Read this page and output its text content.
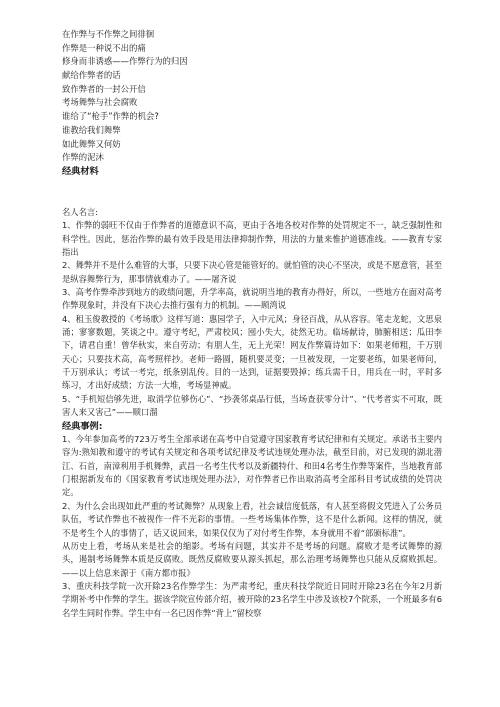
在作弊与不作弊之间徘徊
作弊是一种说不出的痛
修身而非诱惑——作弊行为的归因
献给作弊者的话
致作弊者的一封公开信
考场舞弊与社会腐败
谁给了“枪手”作弊的机会?
谁教给我们舞弊
如此舞弊又何妨
作弊的泥沐
经典材料

名人名言:

1、作弊的弱旺不仅由于作弊者的道德意识不高，更由于各地各校对作弊的处罚规定不一，缺乏强制性和科学性。因此，惩治作弊的最有效手段是用法律抑制作弊，用法的力量来惟护道德准线。——教育专家指出

2、舞弊并不是什么难管的大事，只要下决心管是能管好的。就怕管的决心不坚决，或是不愿意管，甚至是纵容舞弊行为，那事情就难办了。——屠齐说

3、高考作弊牵涉到地方的政绩问题，升学率高，就说明当地的教育办得好，所以，一些地方在面对高考作弊现象时，并没有下决心去推行强有力的机制。——顾湾说

4、租玉俊教授的《考场歌》这样写道：惠园学子，入中元风；身径百战，从从容容。笔走龙蛇，文思泉涌；寥寥数题，笑谈之中。遵守考纪，严肃校风；囤小失大，徒然无功。临场献诗，肺腑相送；瓜田李下，请君自重！曾华秋实，来自劳动；有朋人生，无上光荣！网友作弊篇诗如下：如果老师粗，千万别天心；只要技术高，高考照样抄。老师一路圆，随机要灵变；一旦被发现，一定要老练，如果老师问，千万别承认；考试一考完，纸条别乱传。目的一达到，证据要毁掉；练兵需千日，用兵在一时，平时多练习，才出好成绩；方法一大堆，考场显神威。

5、“手机短信够先进，取消学位够伤心”、“抄袭邻桌品行低，当场查获零分计”、“代考者实不可取，既害人来又害己”——顺口溜

经典事例:

1、今年参加高考的723万考生全部承诺在高考中自觉遵守国家教育考试纪律和有关规定。承诺书主要内容为:熟知教和遵守的考试有关规定和各项考试纪律及考试违规处理办法，截至目前，对已发现的湖北潜江、石首，南漳利用手机舞弊，武昌一名考生代考以及新疆特什、和田4名考生作弊等案件，当地教育部门根据新发布的《国家教育考试违规处理办法》，对作弊者已作出取消高考全部科目考试成绩的处罚决定。

2、为什么会出现如此严重的考试舞弊？从现象上看，社会诚信度低落，有人甚至将假文凭进入了公务员队伍，考试作弊也不被视作一件不光彩的事情。一些考场集体作弊，这不是什么新闻。这样的情况，就不是考生个人的事情了，话又说回来，如果仅仅为了对付考生作弊，本身就用不着“部颁标准”。

从历史上看，考场从来是社会的缩影。考场有问题，其实并不是考场的问题。腐败才是考试舞弊的源头，遏制考场舞弊本质是反腐败。既然反腐败要从源头抓起，那么治理考场舞弊也只能从反腐败抓起。——以上信息来源于《南方都市报》

3、重庆科技学院一次开除23名作弊学生：为严肃考纪，重庆科技学院近日同时开除23名在今年2月新学期补考中作弊的学生。据该学院宣传部介绍，被开除的23名学生中涉及该校7个院系，一个班最多有6名学生同时作弊。学生中有一名已因作弊“背上”留校察
